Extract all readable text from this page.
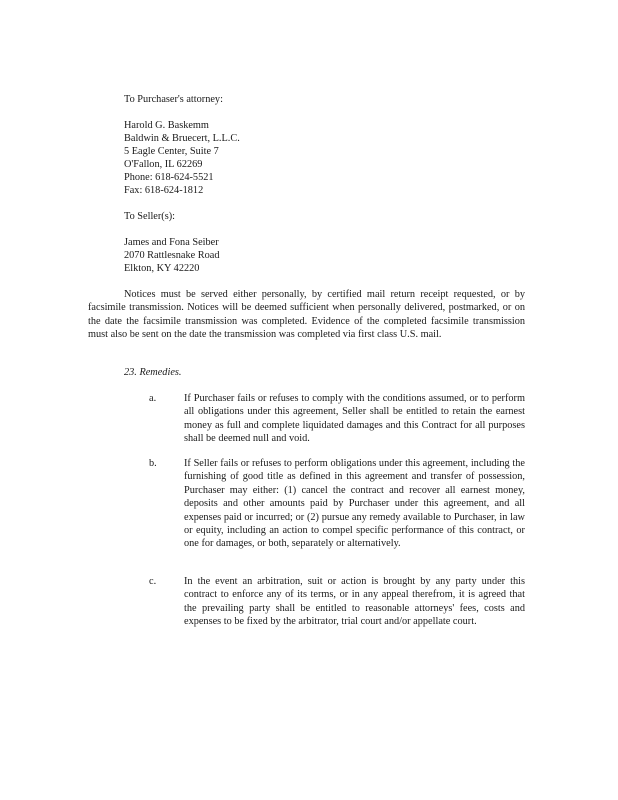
To Purchaser's attorney:
Harold G. Baskemm
Baldwin & Bruecert, L.L.C.
5 Eagle Center, Suite 7
O'Fallon, IL 62269
Phone: 618-624-5521
Fax: 618-624-1812
To Seller(s):
James and Fona Seiber
2070 Rattlesnake Road
Elkton, KY 42220
Notices must be served either personally, by certified mail return receipt requested, or by facsimile transmission. Notices will be deemed sufficient when personally delivered, postmarked, or on the date the facsimile transmission was completed. Evidence of the completed facsimile transmission must also be sent on the date the transmission was completed via first class U.S. mail.
23. Remedies.
a.	If Purchaser fails or refuses to comply with the conditions assumed, or to perform all obligations under this agreement, Seller shall be entitled to retain the earnest money as full and complete liquidated damages and this Contract for all purposes shall be deemed null and void.
b.	If Seller fails or refuses to perform obligations under this agreement, including the furnishing of good title as defined in this agreement and transfer of possession, Purchaser may either: (1) cancel the contract and recover all earnest money, deposits and other amounts paid by Purchaser under this agreement, and all expenses paid or incurred; or (2) pursue any remedy available to Purchaser, in law or equity, including an action to compel specific performance of this contract, or one for damages, or both, separately or alternatively.
c.	In the event an arbitration, suit or action is brought by any party under this contract to enforce any of its terms, or in any appeal therefrom, it is agreed that the prevailing party shall be entitled to reasonable attorneys' fees, costs and expenses to be fixed by the arbitrator, trial court and/or appellate court.
